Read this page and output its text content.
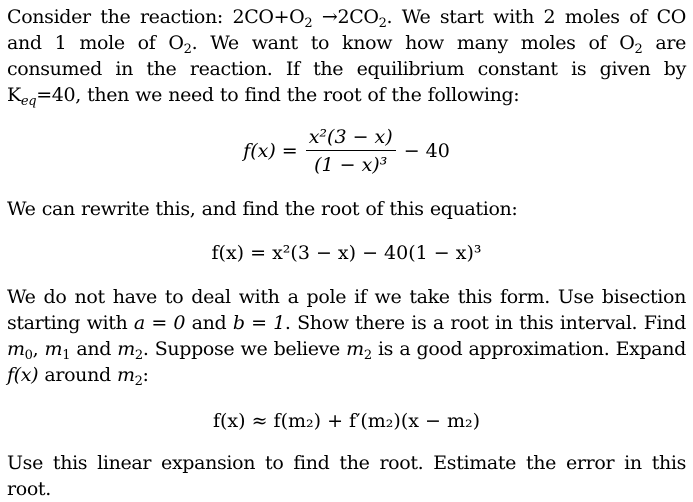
Consider the reaction: $2CO+O_2 \to 2CO_2$. We start with 2 moles of CO and 1 mole of $O_2$. We want to know how many moles of $O_2$ are consumed in the reaction. If the equilibrium constant is given by $K_{eq}=40$, then we need to find the root of the following:
$f(x) = \frac{\text{x²(3 − x)}}{\text{(1 − x)³}} - 40$
We can rewrite this, and find the root of this equation:
f(x) = x²(3 − x) − 40(1 − x)³
We do not have to deal with a pole if we take this form. Use bisection starting with a = 0 and b = 1. Show there is a root in this interval. Find $m_0$, $m_1$ and $m_2$. Suppose we believe $m_2$ is a good approximation. Expand f(x) around $m_2$:
f(x) ≈ f(m₂) + f′(m₂)(x − m₂)
Use this linear expansion to find the root. Estimate the error in this root.
